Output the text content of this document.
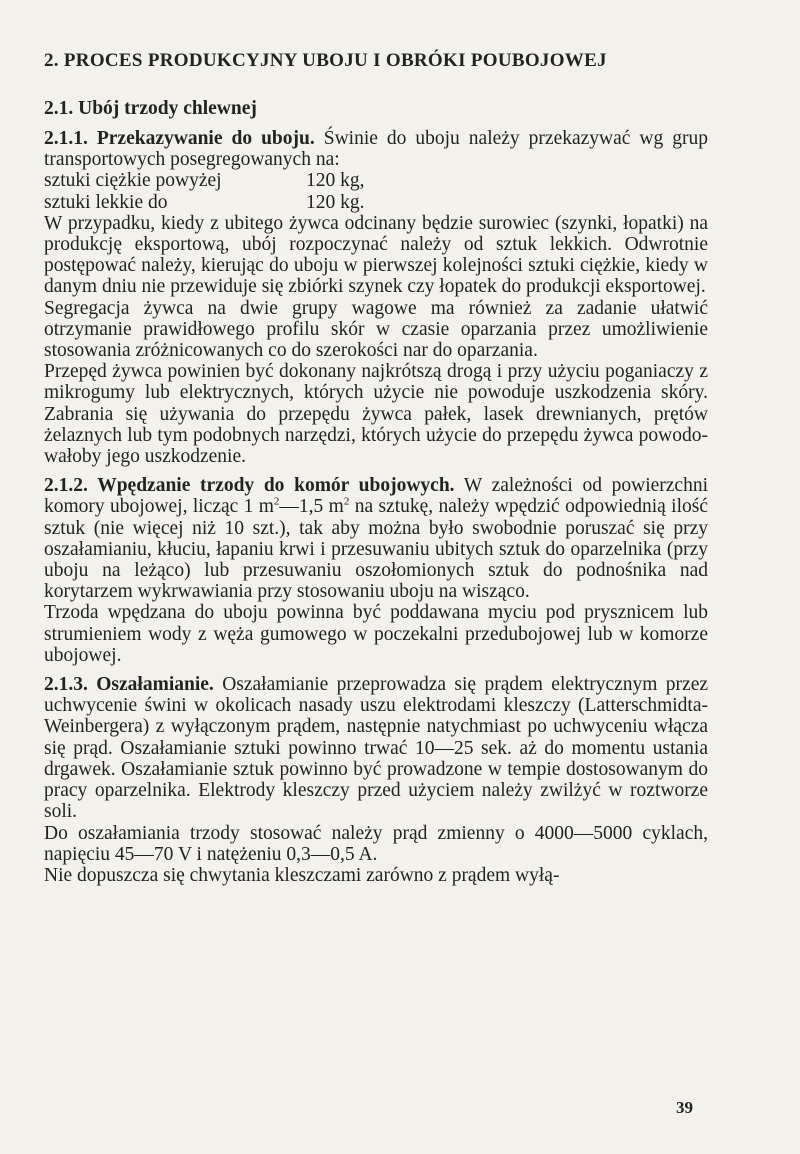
2. PROCES PRODUKCYJNY UBOJU I OBRÓKI POUBOJOWEJ
2.1. Ubój trzody chlewnej

2.1.1. Przekazywanie do uboju. Świnie do uboju należy przekazywać wg grup transportowych posegregowanych na:

sztuki ciężkie powyżej	120 kg,
sztuki lekkie do	120 kg.

W przypadku, kiedy z ubitego żywca odcinany będzie surowiec (szynki, łopatki) na produkcję eksportową, ubój rozpoczynać należy od sztuk lekkich. Odwrotnie postępować należy, kierując do uboju w pierwszej kolejności sztuki ciężkie, kiedy w danym dniu nie przewiduje się zbiórki szynek czy łopatek do produkcji eksportowej.

Segregacja żywca na dwie grupy wagowe ma również za zadanie ułatwić otrzymanie prawidłowego profilu skór w czasie oparzania przez umożliwienie stosowania zróżnicowanych co do szerokości nar do oparzania.

Przepęd żywca powinien być dokonany najkrótszą drogą i przy użyciu poganiaczy z mikrogumy lub elektrycznych, których użycie nie powoduje uszkodzenia skóry. Zabrania się używania do przepędu żywca pałek, lasek drewnianych, prętów żelaznych lub tym podobnych narzędzi, których użycie do przepędu żywca powodowałoby jego uszkodzenie.

2.1.2. Wpędzanie trzody do komór ubojowych. W zależności od powierzchni komory ubojowej, licząc 1 $m^2—1,5$ $m^2$ na sztukę, należy wpędzić odpowiednią ilość sztuk (nie więcej niż 10 szt.), tak aby można było swobodnie poruszać się przy oszałamianiu, kłuciu, łapaniu krwi i przesuwaniu ubitych sztuk do oparzelnika (przy uboju na leżąco) lub przesuwaniu oszołomionych sztuk do podnośnika nad korytarzem wykrwawiania przy stosowaniu uboju na wisząco.

Trzoda wpędzana do uboju powinna być poddawana myciu pod prysznicem lub strumieniem wody z węża gumowego w poczekalni przedubojowej lub w komorze ubojowej.

2.1.3. Oszałamianie. Oszałamianie przeprowadza się prądem elektrycznym przez uchwycenie świni w okolicach nasady uszu elektrodami kleszczy (Latterschmidta-Weinbergera) z wyłączonym prądem, następnie natychmiast po uchwyceniu włącza się prąd. Oszałamianie sztuki powinno trwać 10—25 sek. aż do momentu ustania drgawek. Oszałamianie sztuk powinno być prowadzone w tempie dostosowanym do pracy oparzelnika. Elektrody kleszczy przed użyciem należy zwilżyć w roztworze soli.

Do oszałamiania trzody stosować należy prąd zmienny o 4000—5000 cyklach, napięciu 45—70 V i natężeniu 0,3—0,5 A.

Nie dopuszcza się chwytania kleszczami zarówno z prądem wyłą-

39
